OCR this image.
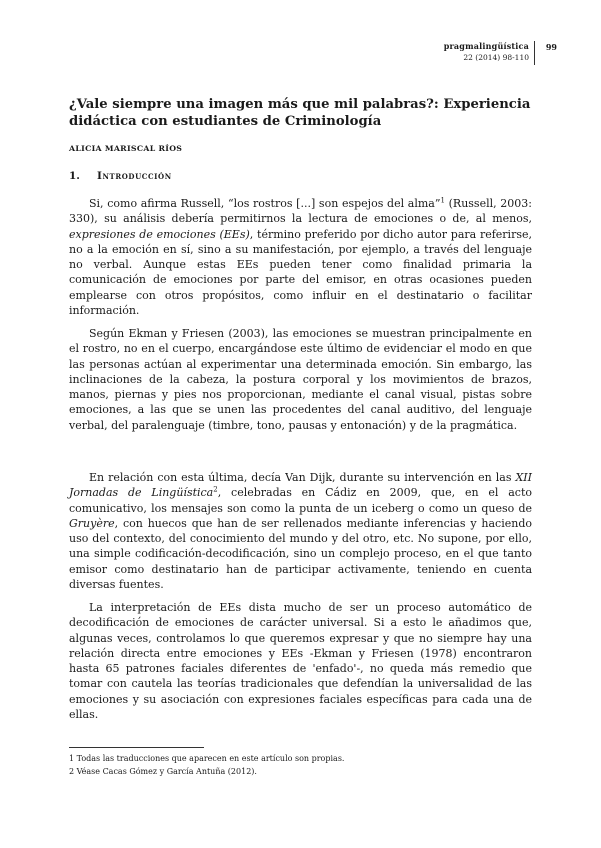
pragmalingüística
22 (2014) 98-110
99
¿Vale siempre una imagen más que mil palabras?: Experiencia didáctica con estudiantes de Criminología

ALICIA MARISCAL RÍOS

1. Introducción

Si, como afirma Russell, “los rostros [...] son espejos del alma”$^1$ (Russell, 2003: 330), su análisis debería permitirnos la lectura de emociones o de, al menos, expresiones de emociones (EEs), término preferido por dicho autor para referirse, no a la emoción en sí, sino a su manifestación, por ejemplo, a través del lenguaje no verbal. Aunque estas EEs pueden tener como finalidad primaria la comunicación de emociones por parte del emisor, en otras ocasiones pueden emplearse con otros propósitos, como influir en el destinatario o facilitar información.

Según Ekman y Friesen (2003), las emociones se muestran principalmente en el rostro, no en el cuerpo, encargándose este último de evidenciar el modo en que las personas actúan al experimentar una determinada emoción. Sin embargo, las inclinaciones de la cabeza, la postura corporal y los movimientos de brazos, manos, piernas y pies nos proporcionan, mediante el canal visual, pistas sobre emociones, a las que se unen las procedentes del canal auditivo, del lenguaje verbal, del paralenguaje (timbre, tono, pausas y entonación) y de la pragmática.

En relación con esta última, decía Van Dijk, durante su intervención en las XII Jornadas de Lingüística$^2$, celebradas en Cádiz en 2009, que, en el acto comunicativo, los mensajes son como la punta de un iceberg o como un queso de Gruyère, con huecos que han de ser rellenados mediante inferencias y haciendo uso del contexto, del conocimiento del mundo y del otro, etc. No supone, por ello, una simple codificación-decodificación, sino un complejo proceso, en el que tanto emisor como destinatario han de participar activamente, teniendo en cuenta diversas fuentes.

La interpretación de EEs dista mucho de ser un proceso automático de decodificación de emociones de carácter universal. Si a esto le añadimos que, algunas veces, controlamos lo que queremos expresar y que no siempre hay una relación directa entre emociones y EEs -Ekman y Friesen (1978) encontraron hasta 65 patrones faciales diferentes de 'enfado'-, no queda más remedio que tomar con cautela las teorías tradicionales que defendían la universalidad de las emociones y su asociación con expresiones faciales específicas para cada una de ellas.

1 Todas las traducciones que aparecen en este artículo son propias.

2 Véase Cacas Gómez y García Antuña (2012).
